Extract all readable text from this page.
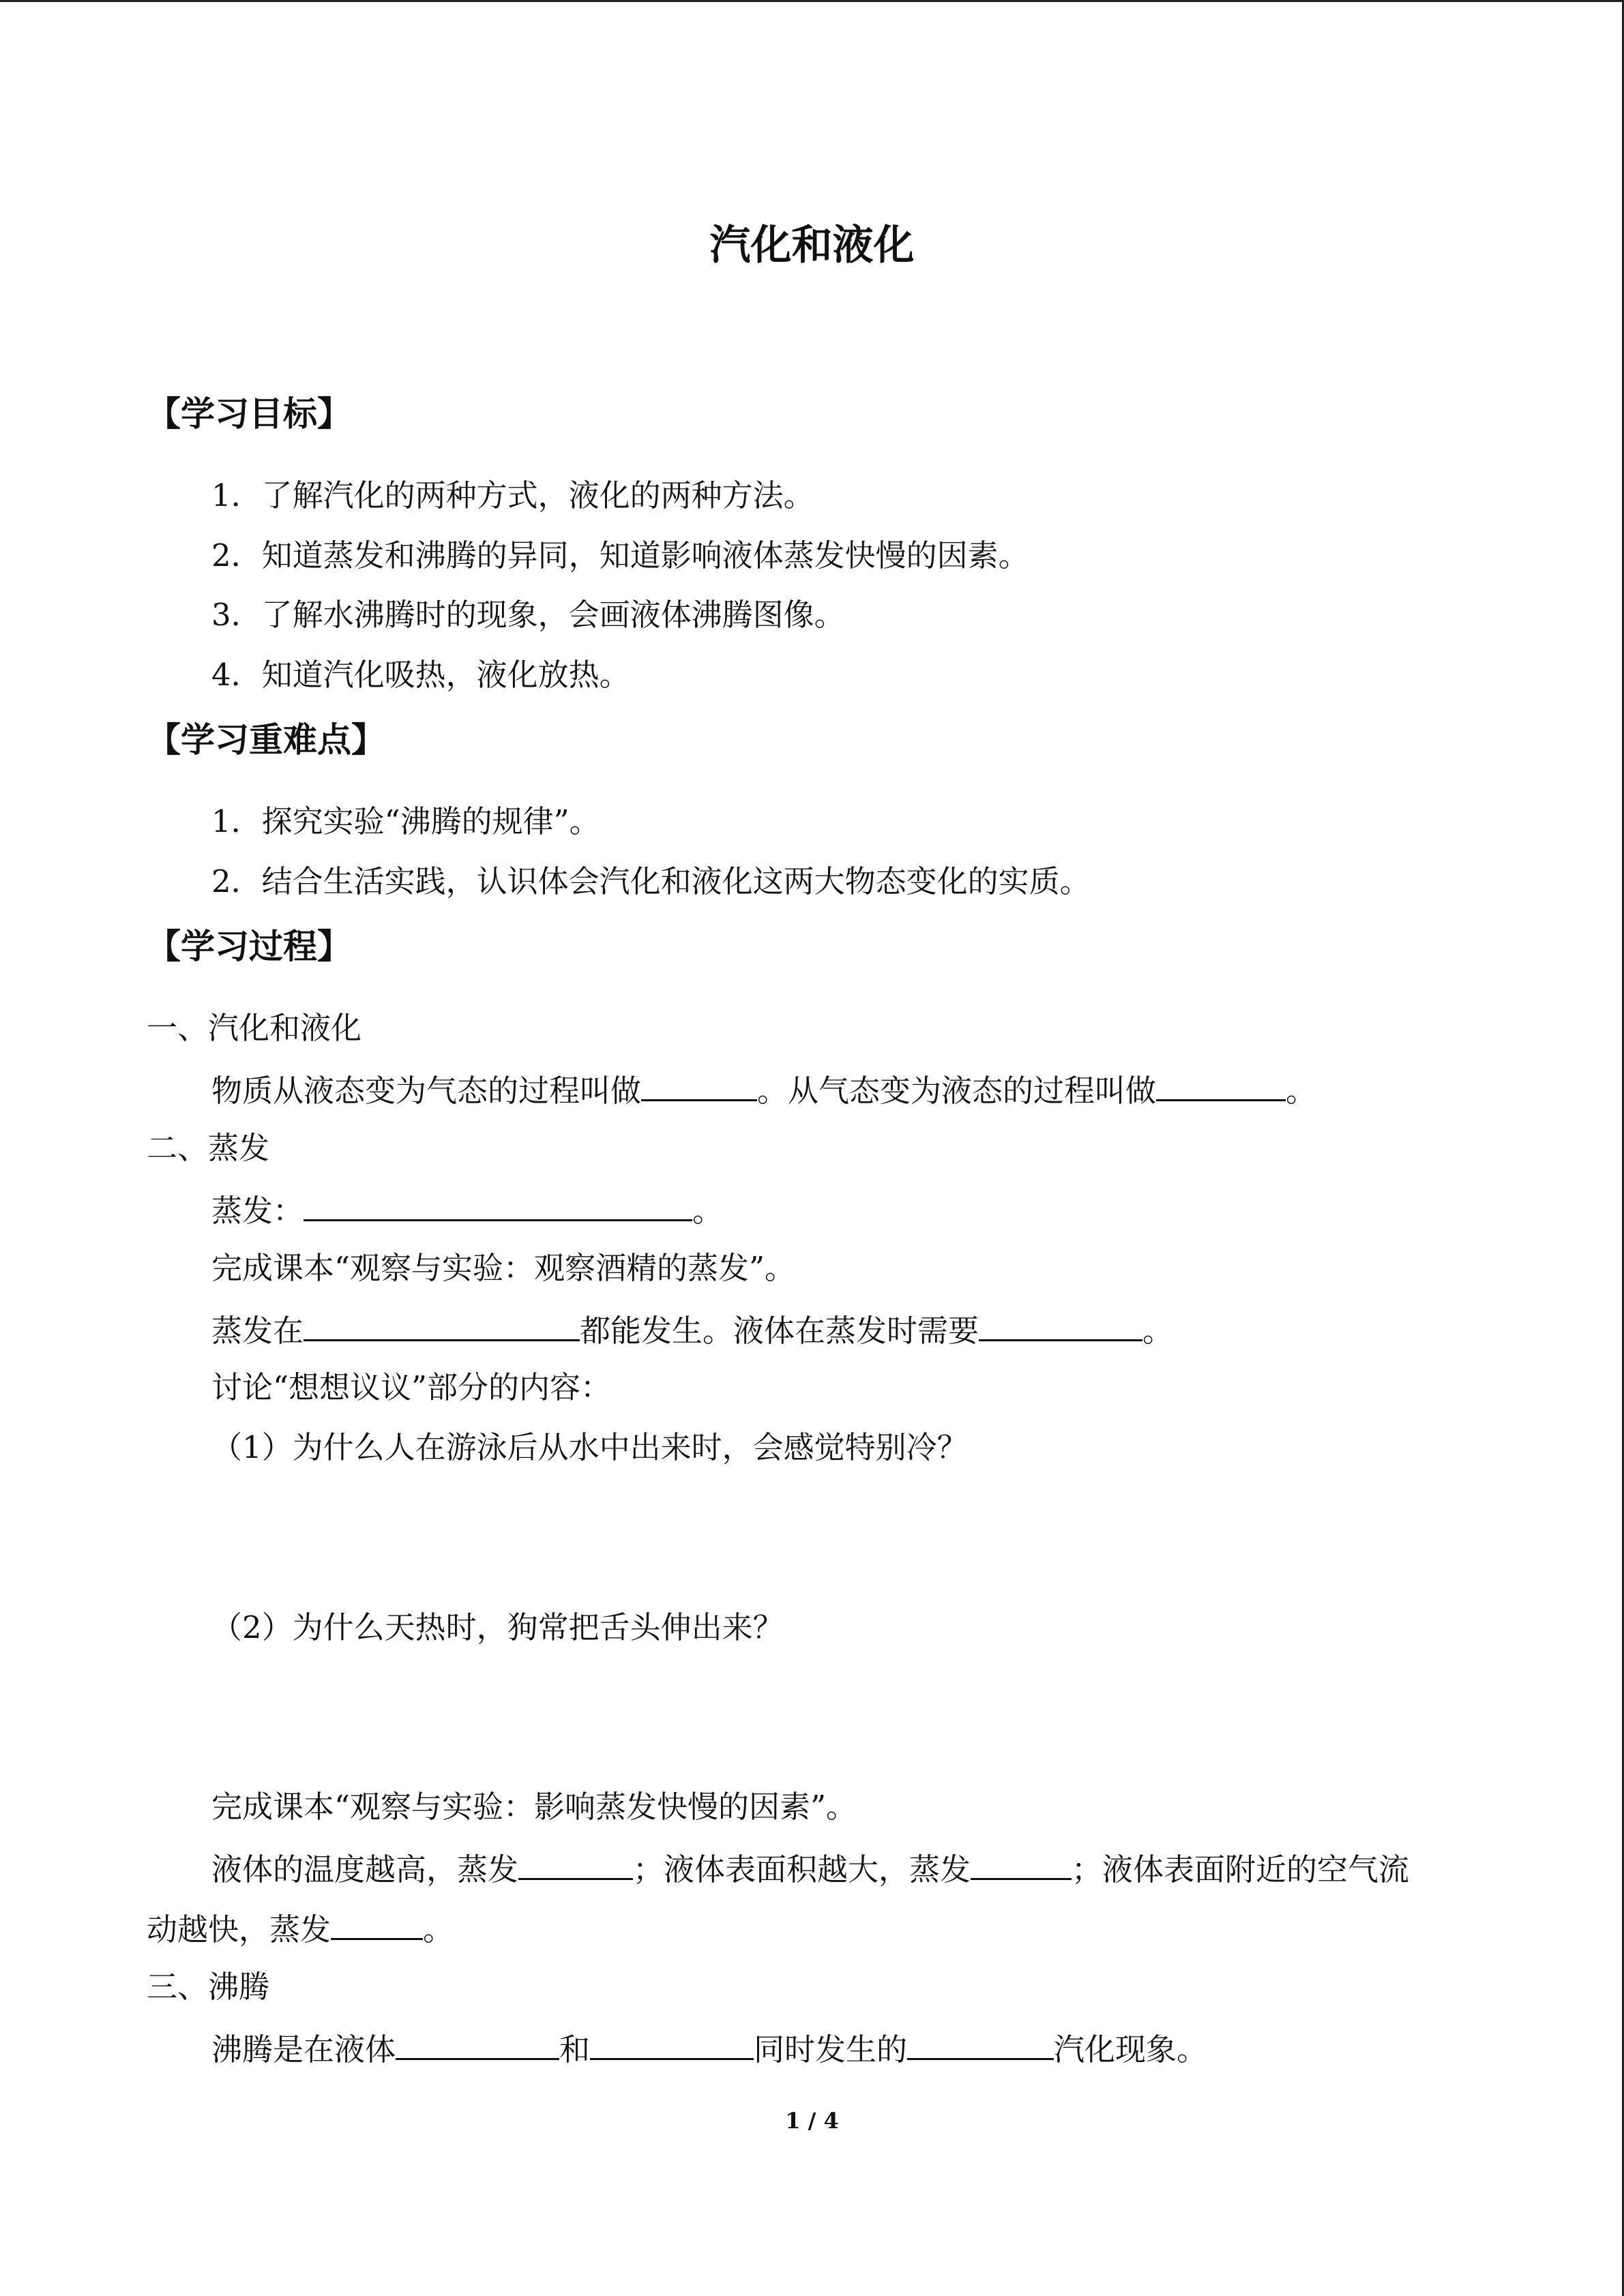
汽化和液化
【学习目标】
1．了解汽化的两种方式，液化的两种方法。
2．知道蒸发和沸腾的异同，知道影响液体蒸发快慢的因素。
3．了解水沸腾时的现象，会画液体沸腾图像。
4．知道汽化吸热，液化放热。
【学习重难点】
1．探究实验“沸腾的规律”。
2．结合生活实践，认识体会汽化和液化这两大物态变化的实质。
【学习过程】
一、汽化和液化
物质从液态变为气态的过程叫做	。从气态变为液态的过程叫做	。
二、蒸发
蒸发：	。
完成课本“观察与实验：观察酒精的蒸发”。
蒸发在	都能发生。液体在蒸发时需要	。
讨论“想想议议”部分的内容：
（1）为什么人在游泳后从水中出来时，会感觉特别冷？
（2）为什么天热时，狗常把舌头伸出来？
完成课本“观察与实验：影响蒸发快慢的因素”。
液体的温度越高，蒸发	；液体表面积越大，蒸发	；液体表面附近的空气流
动越快，蒸发	。
三、沸腾
沸腾是在液体	和	同时发生的	汽化现象。
1 / 4
